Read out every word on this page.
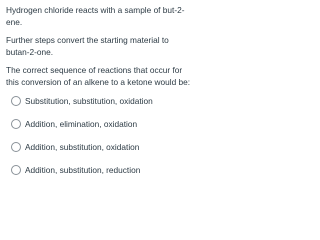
Hydrogen chloride reacts with a sample of but-2-ene.

Further steps convert the starting material to butan-2-one.

The correct sequence of reactions that occur for this conversion of an alkene to a ketone would be:

Substitution, substitution, oxidation
Addition, elimination, oxidation
Addition, substitution, oxidation
Addition, substitution, reduction
